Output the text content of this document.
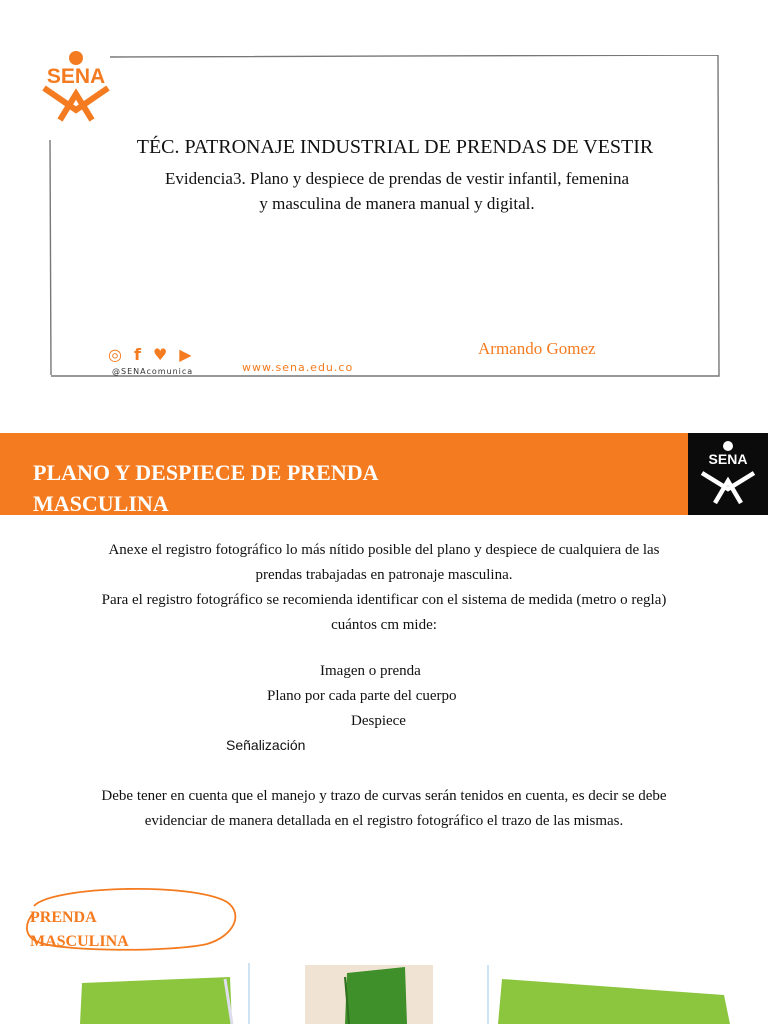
SENA
TÉC. PATRONAJE INDUSTRIAL DE PRENDAS DE VESTIR
Evidencia3. Plano y despiece de prendas de vestir infantil, femenina
y masculina de manera manual y digital.
◎ f ♥ ▶
@SENAcomunica	www.sena.edu.co
Armando Gomez
PLANO Y DESPIECE DE PRENDA MASCULINA
SENA
Anexe el registro fotográfico lo más nítido posible del plano y despiece de cualquiera de las
prendas trabajadas en patronaje masculina.
Para el registro fotográfico se recomienda identificar con el sistema de medida (metro o regla)
cuántos cm mide:
Imagen o prenda
Plano por cada parte del cuerpo
Despiece
Señalización
Debe tener en cuenta que el manejo y trazo de curvas serán tenidos en cuenta, es decir se debe
evidenciar de manera detallada en el registro fotográfico el trazo de las mismas.
PRENDA
MASCULINA
